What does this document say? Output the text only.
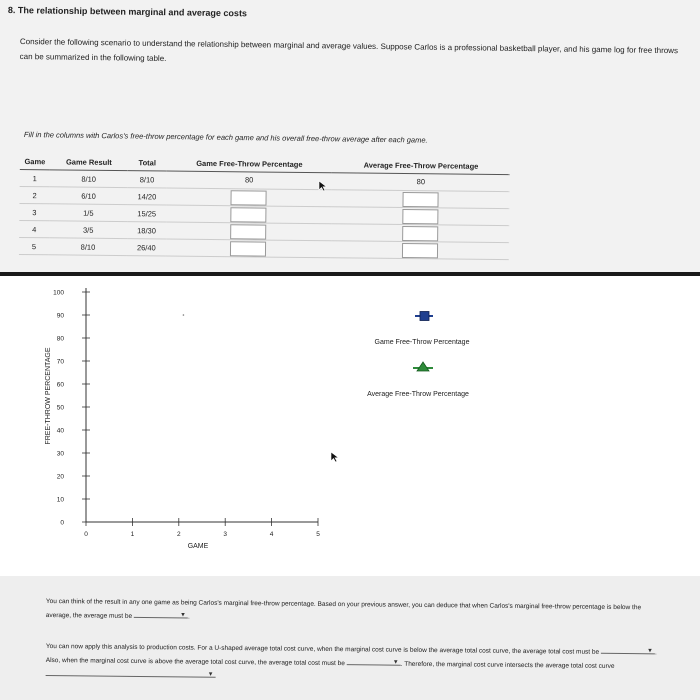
8. The relationship between marginal and average costs
Consider the following scenario to understand the relationship between marginal and average values. Suppose Carlos is a professional basketball player, and his game log for free throws can be summarized in the following table.
Fill in the columns with Carlos's free-throw percentage for each game and his overall free-throw average after each game.
Game	Game Result	Total	Game Free-Throw Percentage	Average Free-Throw Percentage
1	8/10	8/10	80	80
2	6/10	14/20		
3	1/5	15/25		
4	3/5	18/30		
5	8/10	26/40		
0
10
20
30
40
50
60
70
80
90
100
0	1	2	3	4	5
GAME
FREE-THROW PERCENTAGE
Game Free-Throw Percentage
Average Free-Throw Percentage
You can think of the result in any one game as being Carlos's marginal free-throw percentage. Based on your previous answer, you can deduce that when Carlos's marginal free-throw percentage is below the average, the average must be	▼ .
You can now apply this analysis to production costs. For a U-shaped average total cost curve, when the marginal cost curve is below the average total cost curve, the average total cost must be	▼ . Also, when the marginal cost curve is above the average total cost curve, the average total cost must be	▼ . Therefore, the marginal cost curve intersects the average total cost curve
▼
